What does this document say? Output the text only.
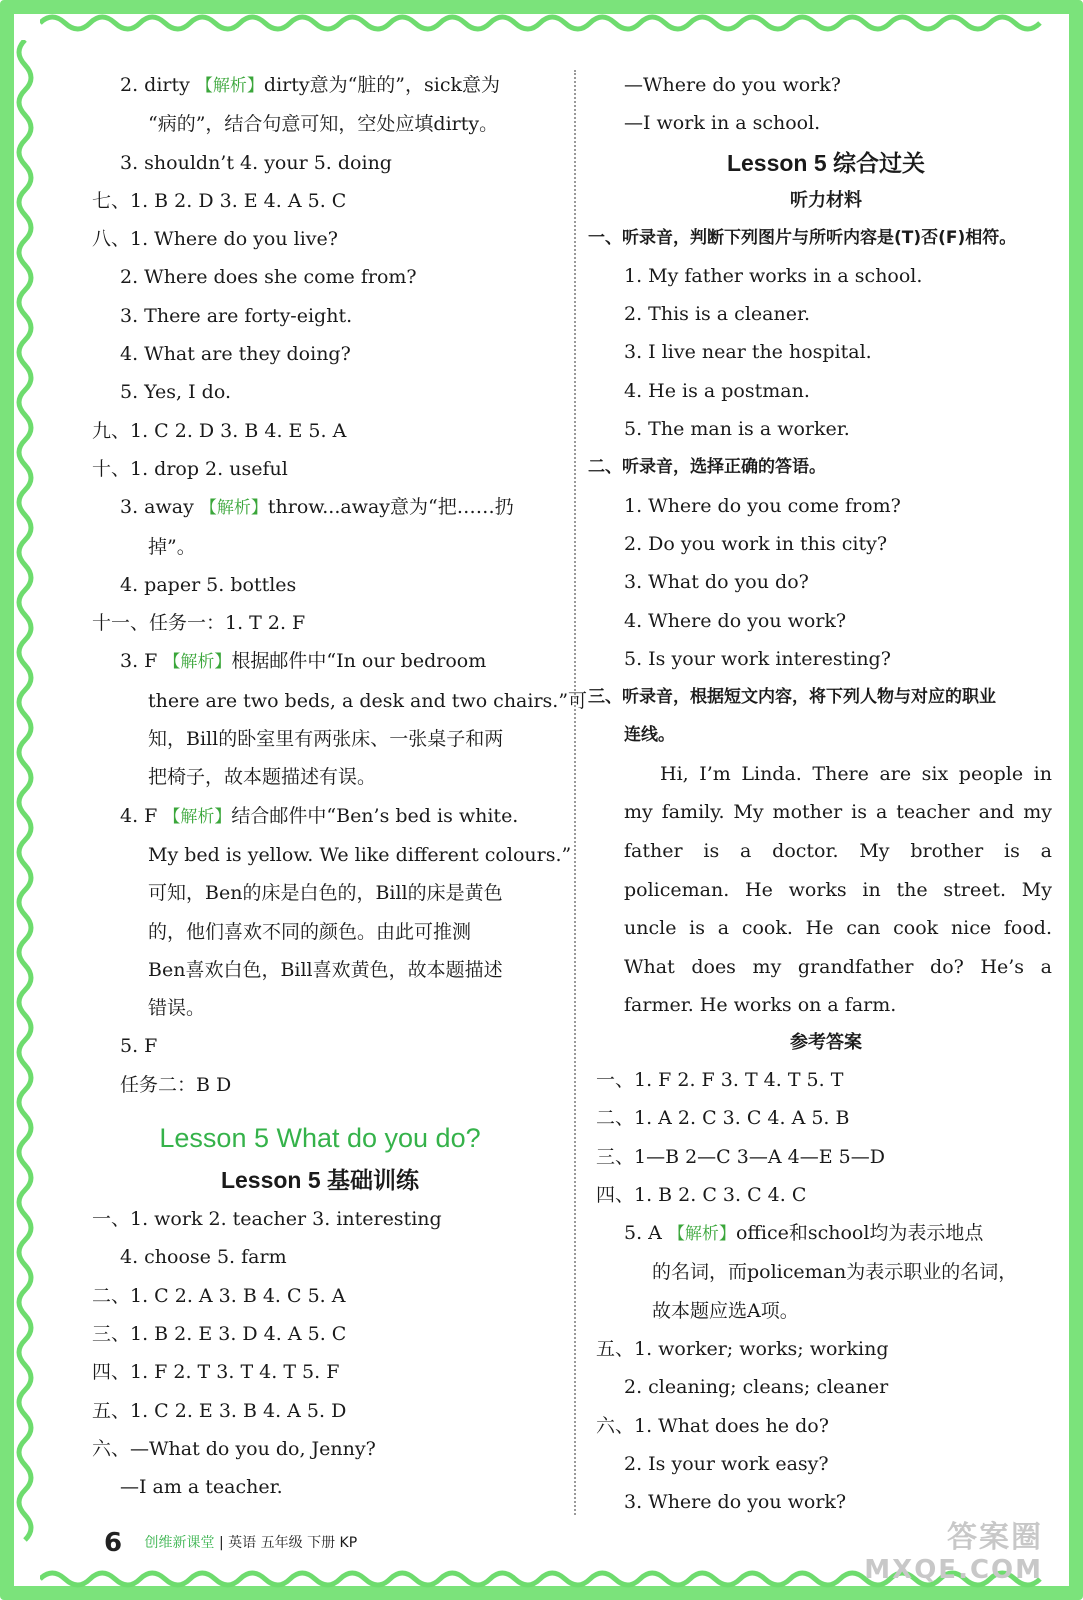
2. dirty 【解析】dirty意为“脏的”，sick意为
“病的”，结合句意可知，空处应填dirty。
3. shouldn’t 4. your 5. doing
七、1. B 2. D 3. E 4. A 5. C
八、1. Where do you live?
2. Where does she come from?
3. There are forty-eight.
4. What are they doing?
5. Yes, I do.
九、1. C 2. D 3. B 4. E 5. A
十、1. drop 2. useful
3. away 【解析】throw...away意为“把……扔
掉”。
4. paper 5. bottles
十一、任务一：1. T 2. F
3. F 【解析】根据邮件中“In our bedroom
there are two beds, a desk and two chairs.”可
知，Bill的卧室里有两张床、一张桌子和两
把椅子，故本题描述有误。
4. F 【解析】结合邮件中“Ben’s bed is white.
My bed is yellow. We like different colours.”
可知，Ben的床是白色的，Bill的床是黄色
的，他们喜欢不同的颜色。由此可推测
Ben喜欢白色，Bill喜欢黄色，故本题描述
错误。
5. F
任务二：B D
Lesson 5 What do you do?
Lesson 5 基础训练
一、1. work 2. teacher 3. interesting
4. choose 5. farm
二、1. C 2. A 3. B 4. C 5. A
三、1. B 2. E 3. D 4. A 5. C
四、1. F 2. T 3. T 4. T 5. F
五、1. C 2. E 3. B 4. A 5. D
六、—What do you do, Jenny?
—I am a teacher.
—Where do you work?
—I work in a school.
Lesson 5 综合过关
听力材料
一、听录音，判断下列图片与所听内容是(T)否(F)相符。
1. My father works in a school.
2. This is a cleaner.
3. I live near the hospital.
4. He is a postman.
5. The man is a worker.
二、听录音，选择正确的答语。
1. Where do you come from?
2. Do you work in this city?
3. What do you do?
4. Where do you work?
5. Is your work interesting?
三、听录音，根据短文内容，将下列人物与对应的职业
连线。
Hi, I’m Linda. There are six people in my family. My mother is a teacher and my father is a doctor. My brother is a policeman. He works in the street. My uncle is a cook. He can cook nice food. What does my grandfather do? He’s a farmer. He works on a farm.
参考答案
一、1. F 2. F 3. T 4. T 5. T
二、1. A 2. C 3. C 4. A 5. B
三、1—B 2—C 3—A 4—E 5—D
四、1. B 2. C 3. C 4. C
5. A 【解析】office和school均为表示地点
的名词，而policeman为表示职业的名词，
故本题应选A项。
五、1. worker; works; working
2. cleaning; cleans; cleaner
六、1. What does he do?
2. Is your work easy?
3. Where do you work?
6 创维新课堂 | 英语 五年级 下册 KP	答案圈
MXQE.COM
